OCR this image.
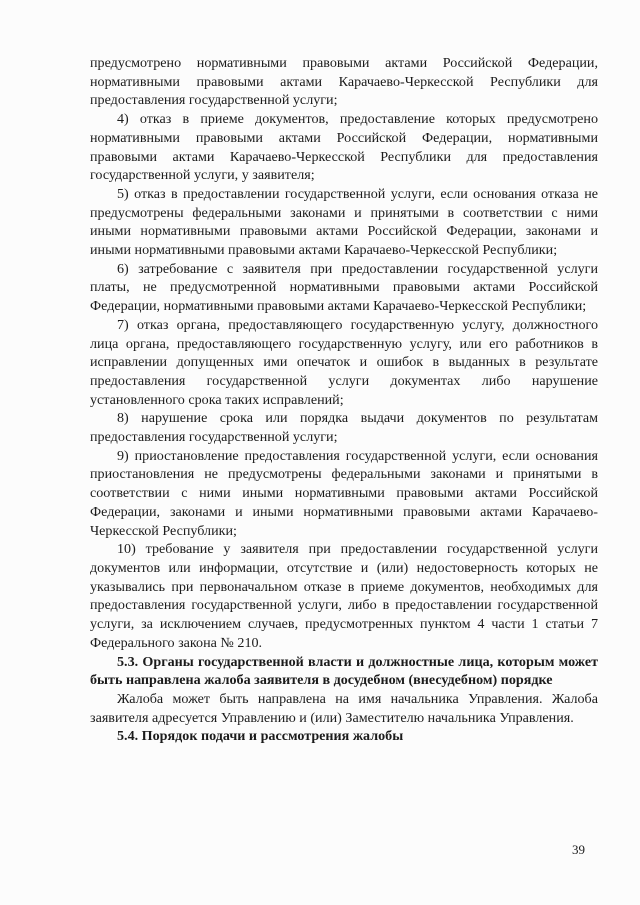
предусмотрено нормативными правовыми актами Российской Федерации, нормативными правовыми актами Карачаево-Черкесской Республики для предоставления государственной услуги;

4) отказ в приеме документов, предоставление которых предусмотрено нормативными правовыми актами Российской Федерации, нормативными правовыми актами Карачаево-Черкесской Республики для предоставления государственной услуги, у заявителя;

5) отказ в предоставлении государственной услуги, если основания отказа не предусмотрены федеральными законами и принятыми в соответствии с ними иными нормативными правовыми актами Российской Федерации, законами и иными нормативными правовыми актами Карачаево-Черкесской Республики;

6) затребование с заявителя при предоставлении государственной услуги платы, не предусмотренной нормативными правовыми актами Российской Федерации, нормативными правовыми актами Карачаево-Черкесской Республики;

7) отказ органа, предоставляющего государственную услугу, должностного лица органа, предоставляющего государственную услугу, или его работников в исправлении допущенных ими опечаток и ошибок в выданных в результате предоставления государственной услуги документах либо нарушение установленного срока таких исправлений;

8) нарушение срока или порядка выдачи документов по результатам предоставления государственной услуги;

9) приостановление предоставления государственной услуги, если основания приостановления не предусмотрены федеральными законами и принятыми в соответствии с ними иными нормативными правовыми актами Российской Федерации, законами и иными нормативными правовыми актами Карачаево-Черкесской Республики;

10) требование у заявителя при предоставлении государственной услуги документов или информации, отсутствие и (или) недостоверность которых не указывались при первоначальном отказе в приеме документов, необходимых для предоставления государственной услуги, либо в предоставлении государственной услуги, за исключением случаев, предусмотренных пунктом 4 части 1 статьи 7 Федерального закона № 210.

5.3. Органы государственной власти и должностные лица, которым может быть направлена жалоба заявителя в досудебном (внесудебном) порядке

Жалоба может быть направлена на имя начальника Управления. Жалоба заявителя адресуется Управлению и (или) Заместителю начальника Управления.

5.4. Порядок подачи и рассмотрения жалобы

39
